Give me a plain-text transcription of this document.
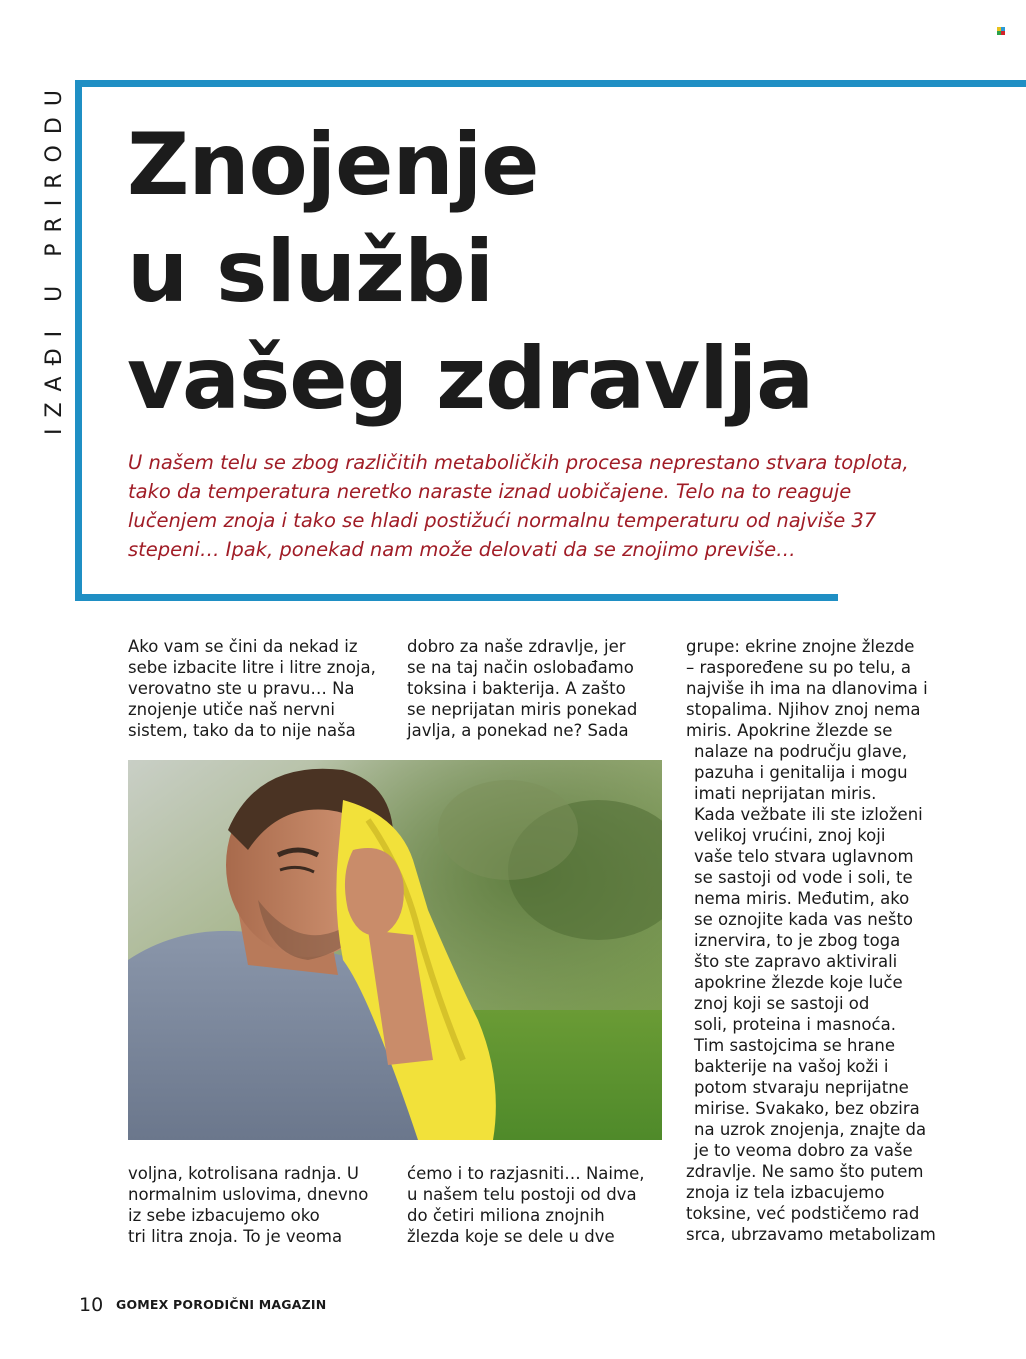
IZAĐI U PRIRODU Znojenje
u službi
vašeg zdravlja
U našem telu se zbog različitih metaboličkih procesa neprestano stvara toplota,
tako da temperatura neretko naraste iznad uobičajene. Telo na to reaguje
lučenjem znoja i tako se hladi postižući normalnu temperaturu od najviše 37
stepeni… Ipak, ponekad nam može delovati da se znojimo previše…
Ako vam se čini da nekad iz
sebe izbacite litre i litre znoja,
verovatno ste u pravu… Na
znojenje utiče naš nervni
sistem, tako da to nije naša
dobro za naše zdravlje, jer
se na taj način oslobađamo
toksina i bakterija. A zašto
se neprijatan miris ponekad
javlja, a ponekad ne? Sada
voljna, kotrolisana radnja. U
normalnim uslovima, dnevno
iz sebe izbacujemo oko
tri litra znoja. To je veoma
ćemo i to razjasniti… Naime,
u našem telu postoji od dva
do četiri miliona znojnih
žlezda koje se dele u dve
grupe: ekrine znojne žlezde
– raspoređene su po telu, a
najviše ih ima na dlanovima i
stopalima. Njihov znoj nema
miris. Apokrine žlezde se
nalaze na području glave,
pazuha i genitalija i mogu
imati neprijatan miris.
Kada vežbate ili ste izloženi
velikoj vrućini, znoj koji
vaše telo stvara uglavnom
se sastoji od vode i soli, te
nema miris. Međutim, ako
se oznojite kada vas nešto
iznervira, to je zbog toga
što ste zapravo aktivirali
apokrine žlezde koje luče
znoj koji se sastoji od
soli, proteina i masnoća.
Tim sastojcima se hrane
bakterije na vašoj koži i
potom stvaraju neprijatne
mirise. Svakako, bez obzira
na uzrok znojenja, znajte da
je to veoma dobro za vaše
zdravlje. Ne samo što putem
znoja iz tela izbacujemo
toksine, već podstičemo rad
srca, ubrzavamo metabolizam
10 GOMEX PORODIČNI MAGAZIN
